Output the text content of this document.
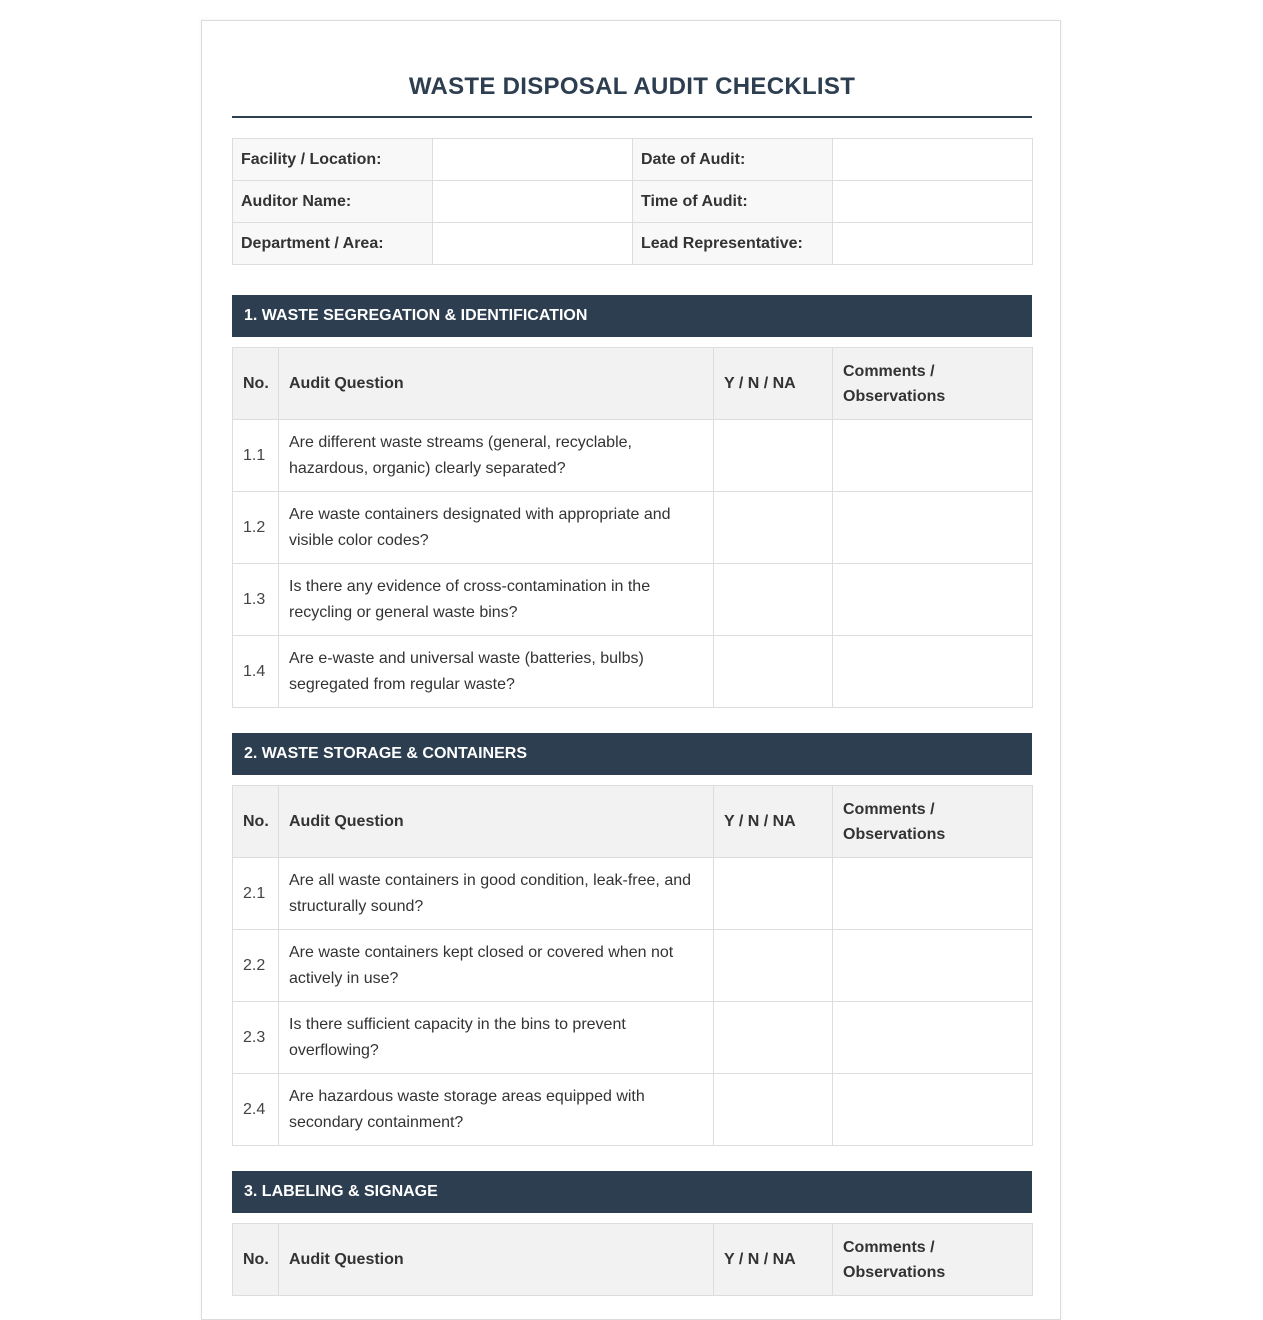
WASTE DISPOSAL AUDIT CHECKLIST
Facility / Location:		Date of Audit:	
Auditor Name:		Time of Audit:	
Department / Area:		Lead Representative:	
1. WASTE SEGREGATION & IDENTIFICATION
No.	Audit Question	Y / N / NA	Comments / Observations
1.1	Are different waste streams (general, recyclable, hazardous, organic) clearly separated?		
1.2	Are waste containers designated with appropriate and visible color codes?		
1.3	Is there any evidence of cross-contamination in the recycling or general waste bins?		
1.4	Are e-waste and universal waste (batteries, bulbs) segregated from regular waste?		
2. WASTE STORAGE & CONTAINERS
No.	Audit Question	Y / N / NA	Comments / Observations
2.1	Are all waste containers in good condition, leak-free, and structurally sound?		
2.2	Are waste containers kept closed or covered when not actively in use?		
2.3	Is there sufficient capacity in the bins to prevent overflowing?		
2.4	Are hazardous waste storage areas equipped with secondary containment?		
3. LABELING & SIGNAGE
No.	Audit Question	Y / N / NA	Comments / Observations
